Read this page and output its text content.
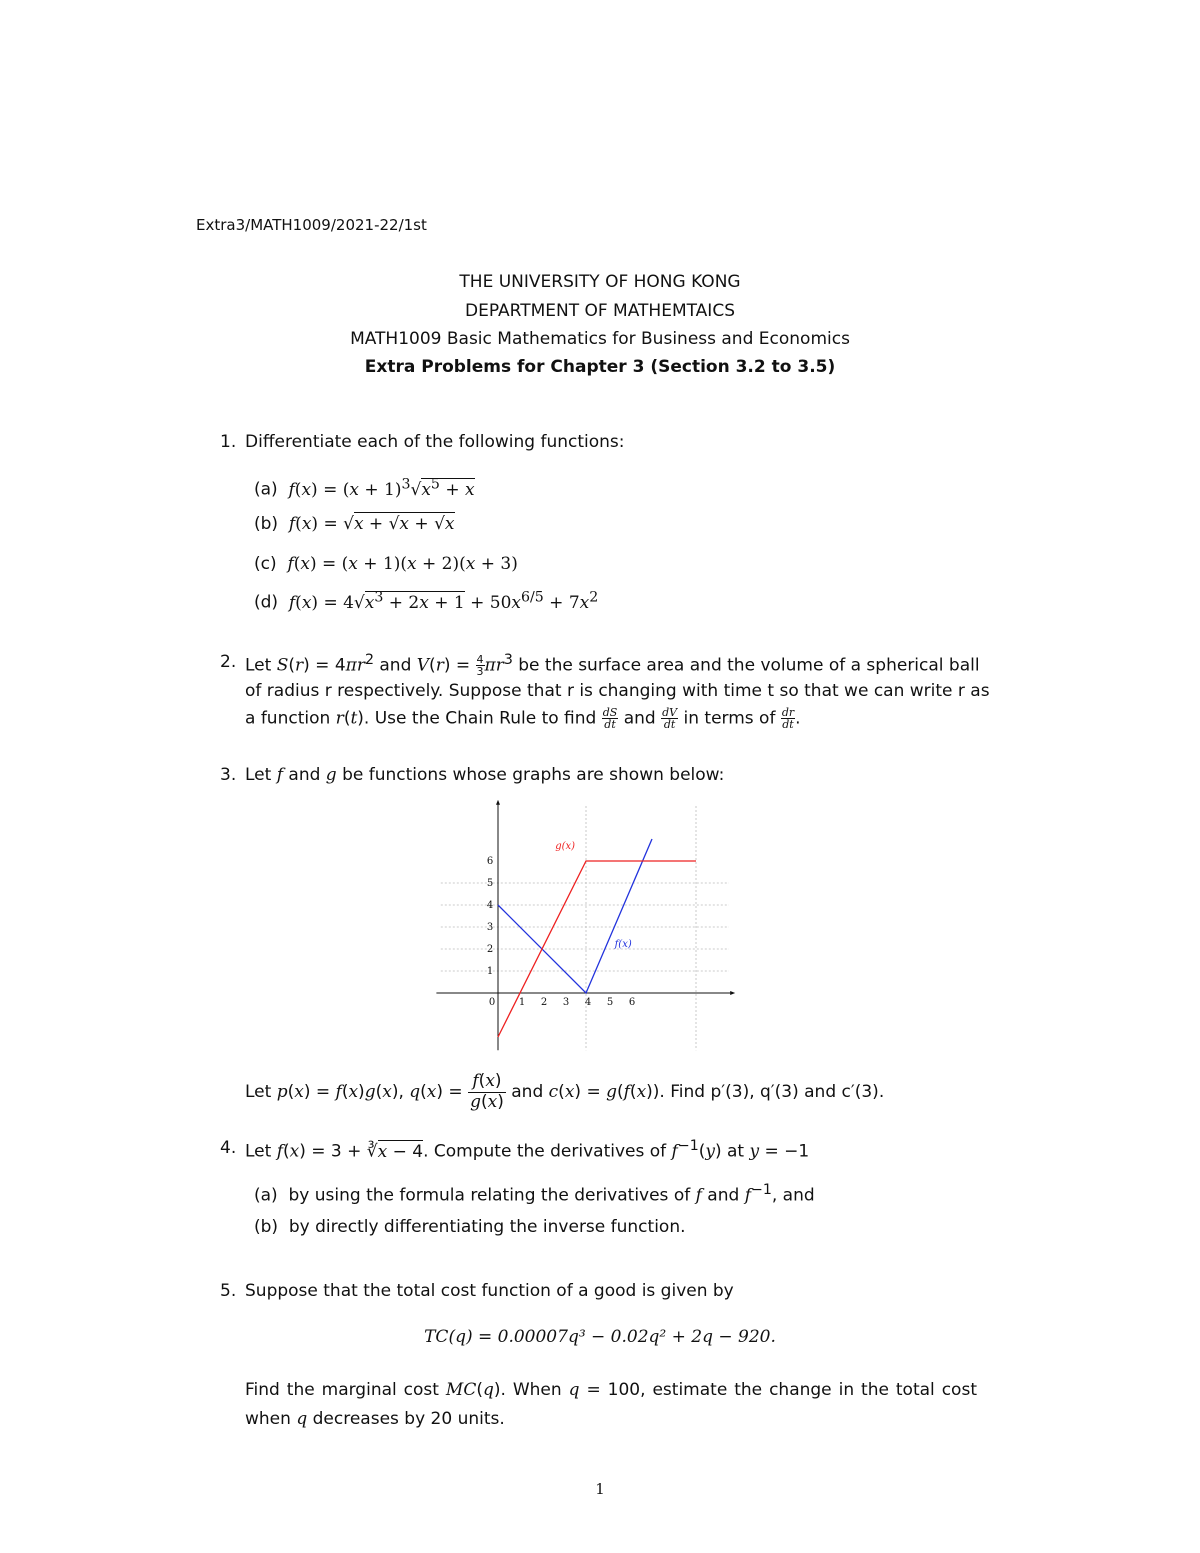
Extra3/MATH1009/2021-22/1st
THE UNIVERSITY OF HONG KONG
DEPARTMENT OF MATHEMTAICS
MATH1009 Basic Mathematics for Business and Economics
Extra Problems for Chapter 3 (Section 3.2 to 3.5)
1. Differentiate each of the following functions:
(a) $f(x) = (x + 1)^3√x^5 + x$
(b) f(x) = √x + √x + √x
(c) f(x) = (x + 1)(x + 2)(x + 3)
(d) $f(x) = 4√x^3 + 2x + 1 + 50x^{6/5} + 7x^2$
2. Let $S(r) = 4\pi r^2$ and $V(r) = \frac{4}{3} \pi r^3$ be the surface area and the volume of a spherical ball
of radius r respectively. Suppose that r is changing with time t so that we can write r as
a function r(t). Use the Chain Rule to find $\frac{dS}{dt}$ and $\frac{dV}{dt}$ in terms of $\frac{dr}{dt}$ .
3. Let f and g be functions whose graphs are shown below:
0 1 2 3 4 5 6
1
2
3
4
5
6
g(x)
f(x)
Let p(x) = f(x)g(x), $q(x) = \frac{f(x)}{g(x)}$ and c(x) = g(f(x)). Find p′(3), q′(3) and c′(3).
4. Let f(x) = 3 + ∛x − 4. Compute the derivatives of $f^{-1}(y)$ at y = −1
(a)  by using the formula relating the derivatives of f and $f^{-1}$, and
(b) by directly differentiating the inverse function.
5. Suppose that the total cost function of a good is given by
TC(q) = 0.00007q³ − 0.02q² + 2q − 920.
Find the marginal cost MC(q). When q = 100, estimate the change in the total cost when q decreases by 20 units.
1
